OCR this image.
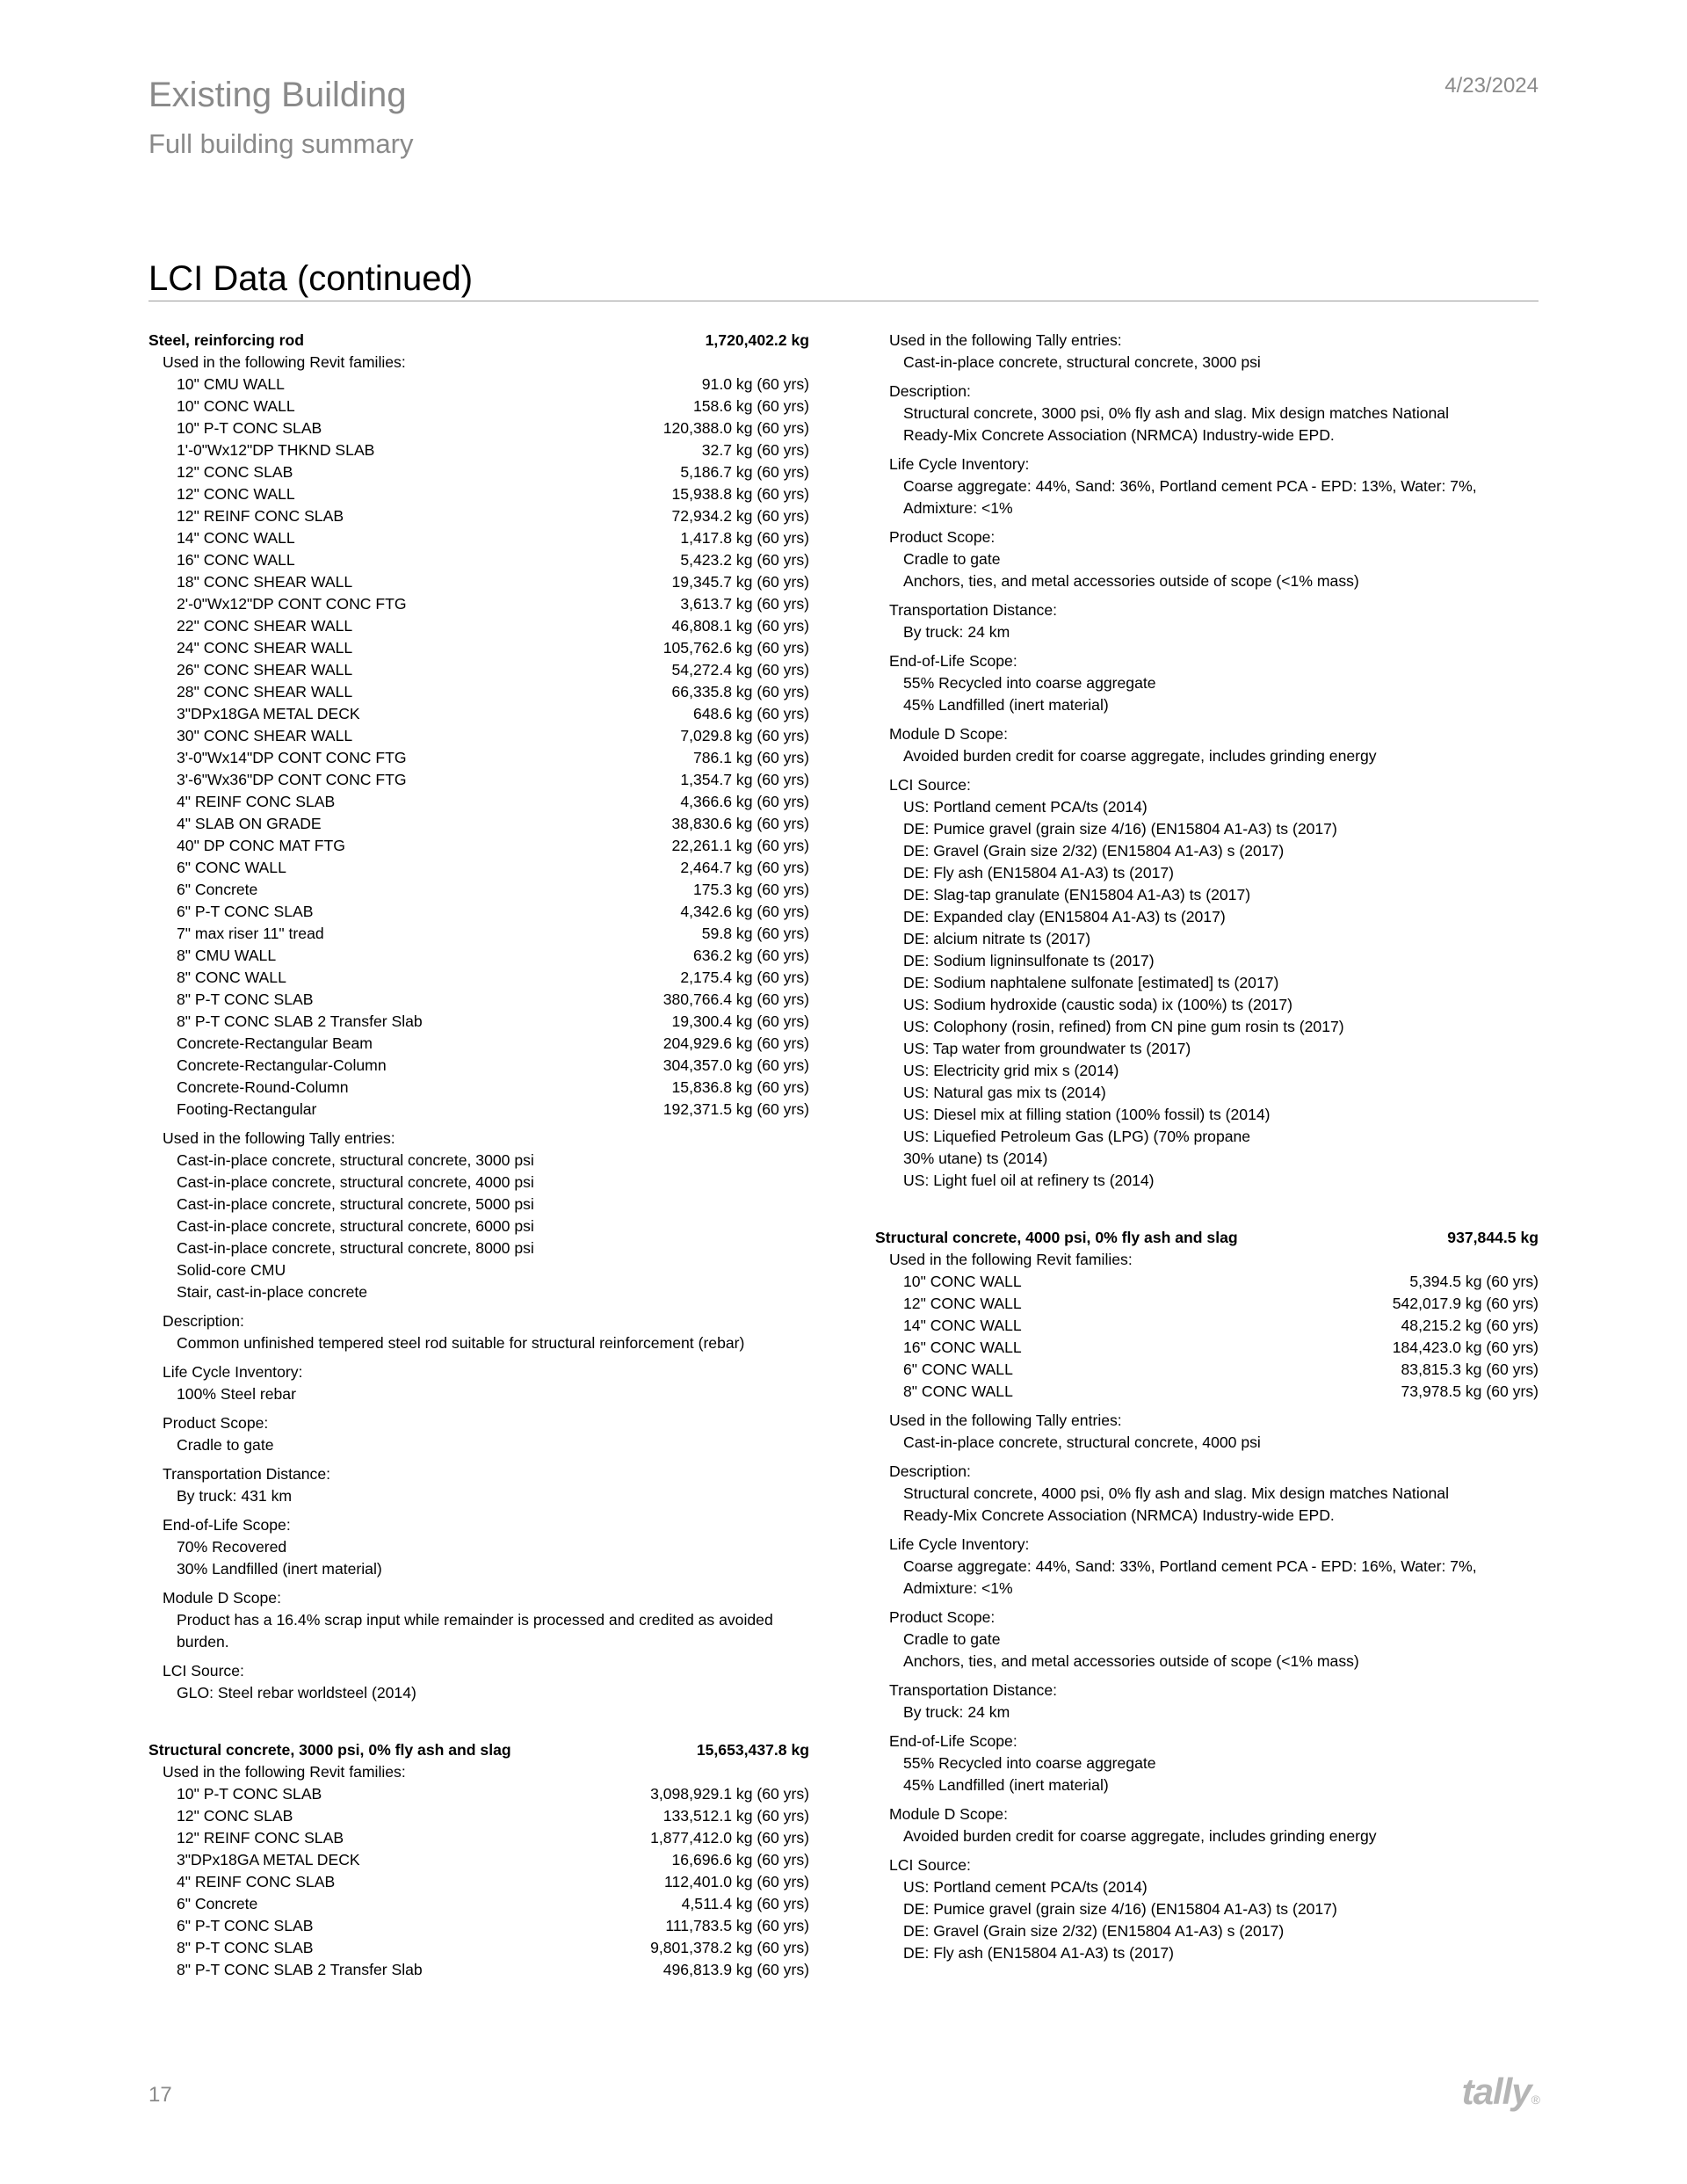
Existing Building
Full building summary
4/23/2024
LCI Data (continued)
Steel, reinforcing rod	1,720,402.2 kg
Used in the following Revit families:
10" CMU WALL	91.0 kg (60 yrs)
10" CONC WALL	158.6 kg (60 yrs)
10" P-T CONC SLAB	120,388.0 kg (60 yrs)
1'-0"Wx12"DP THKND SLAB	32.7 kg (60 yrs)
12" CONC SLAB	5,186.7 kg (60 yrs)
12" CONC WALL	15,938.8 kg (60 yrs)
12" REINF CONC SLAB	72,934.2 kg (60 yrs)
14" CONC WALL	1,417.8 kg (60 yrs)
16" CONC WALL	5,423.2 kg (60 yrs)
18" CONC SHEAR WALL	19,345.7 kg (60 yrs)
2'-0"Wx12"DP CONT CONC FTG	3,613.7 kg (60 yrs)
22" CONC SHEAR WALL	46,808.1 kg (60 yrs)
24" CONC SHEAR WALL	105,762.6 kg (60 yrs)
26" CONC SHEAR WALL	54,272.4 kg (60 yrs)
28" CONC SHEAR WALL	66,335.8 kg (60 yrs)
3"DPx18GA METAL DECK	648.6 kg (60 yrs)
30" CONC SHEAR WALL	7,029.8 kg (60 yrs)
3'-0"Wx14"DP CONT CONC FTG	786.1 kg (60 yrs)
3'-6"Wx36"DP CONT CONC FTG	1,354.7 kg (60 yrs)
4" REINF CONC SLAB	4,366.6 kg (60 yrs)
4" SLAB ON GRADE	38,830.6 kg (60 yrs)
40" DP CONC MAT FTG	22,261.1 kg (60 yrs)
6" CONC WALL	2,464.7 kg (60 yrs)
6" Concrete	175.3 kg (60 yrs)
6" P-T CONC SLAB	4,342.6 kg (60 yrs)
7" max riser 11" tread	59.8 kg (60 yrs)
8" CMU WALL	636.2 kg (60 yrs)
8" CONC WALL	2,175.4 kg (60 yrs)
8" P-T CONC SLAB	380,766.4 kg (60 yrs)
8" P-T CONC SLAB 2 Transfer Slab	19,300.4 kg (60 yrs)
Concrete-Rectangular Beam	204,929.6 kg (60 yrs)
Concrete-Rectangular-Column	304,357.0 kg (60 yrs)
Concrete-Round-Column	15,836.8 kg (60 yrs)
Footing-Rectangular	192,371.5 kg (60 yrs)
Used in the following Tally entries:
Cast-in-place concrete, structural concrete, 3000 psi
Cast-in-place concrete, structural concrete, 4000 psi
Cast-in-place concrete, structural concrete, 5000 psi
Cast-in-place concrete, structural concrete, 6000 psi
Cast-in-place concrete, structural concrete, 8000 psi
Solid-core CMU
Stair, cast-in-place concrete
Description:
Common unfinished tempered steel rod suitable for structural reinforcement (rebar)
Life Cycle Inventory:
100% Steel rebar
Product Scope:
Cradle to gate
Transportation Distance:
By truck: 431 km
End-of-Life Scope:
70% Recovered
30% Landfilled (inert material)
Module D Scope:
Product has a 16.4% scrap input while remainder is processed and credited as avoided
burden.
LCI Source:
GLO: Steel rebar worldsteel (2014)
Structural concrete, 3000 psi, 0% fly ash and slag	15,653,437.8 kg
Used in the following Revit families:
10" P-T CONC SLAB	3,098,929.1 kg (60 yrs)
12" CONC SLAB	133,512.1 kg (60 yrs)
12" REINF CONC SLAB	1,877,412.0 kg (60 yrs)
3"DPx18GA METAL DECK	16,696.6 kg (60 yrs)
4" REINF CONC SLAB	112,401.0 kg (60 yrs)
6" Concrete	4,511.4 kg (60 yrs)
6" P-T CONC SLAB	111,783.5 kg (60 yrs)
8" P-T CONC SLAB	9,801,378.2 kg (60 yrs)
8" P-T CONC SLAB 2 Transfer Slab	496,813.9 kg (60 yrs)
Used in the following Tally entries:
Cast-in-place concrete, structural concrete, 3000 psi
Description:
Structural concrete, 3000 psi, 0% fly ash and slag. Mix design matches National
Ready-Mix Concrete Association (NRMCA) Industry-wide EPD.
Life Cycle Inventory:
Coarse aggregate: 44%, Sand: 36%, Portland cement PCA - EPD: 13%, Water: 7%,
Admixture: <1%
Product Scope:
Cradle to gate
Anchors, ties, and metal accessories outside of scope (<1% mass)
Transportation Distance:
By truck: 24 km
End-of-Life Scope:
55% Recycled into coarse aggregate
45% Landfilled (inert material)
Module D Scope:
Avoided burden credit for coarse aggregate, includes grinding energy
LCI Source:
US: Portland cement PCA/ts (2014)
DE: Pumice gravel (grain size 4/16) (EN15804 A1-A3) ts (2017)
DE: Gravel (Grain size 2/32) (EN15804 A1-A3) s (2017)
DE: Fly ash (EN15804 A1-A3) ts (2017)
DE: Slag-tap granulate (EN15804 A1-A3) ts (2017)
DE: Expanded clay (EN15804 A1-A3) ts (2017)
DE: alcium nitrate ts (2017)
DE: Sodium ligninsulfonate ts (2017)
DE: Sodium naphtalene sulfonate [estimated] ts (2017)
US: Sodium hydroxide (caustic soda) ix (100%) ts (2017)
US: Colophony (rosin, refined) from CN pine gum rosin ts (2017)
US: Tap water from groundwater ts (2017)
US: Electricity grid mix s (2014)
US: Natural gas mix ts (2014)
US: Diesel mix at filling station (100% fossil) ts (2014)
US: Liquefied Petroleum Gas (LPG) (70% propane
30% utane) ts (2014)
US: Light fuel oil at refinery ts (2014)
Structural concrete, 4000 psi, 0% fly ash and slag	937,844.5 kg
Used in the following Revit families:
10" CONC WALL	5,394.5 kg (60 yrs)
12" CONC WALL	542,017.9 kg (60 yrs)
14" CONC WALL	48,215.2 kg (60 yrs)
16" CONC WALL	184,423.0 kg (60 yrs)
6" CONC WALL	83,815.3 kg (60 yrs)
8" CONC WALL	73,978.5 kg (60 yrs)
Used in the following Tally entries:
Cast-in-place concrete, structural concrete, 4000 psi
Description:
Structural concrete, 4000 psi, 0% fly ash and slag. Mix design matches National
Ready-Mix Concrete Association (NRMCA) Industry-wide EPD.
Life Cycle Inventory:
Coarse aggregate: 44%, Sand: 33%, Portland cement PCA - EPD: 16%, Water: 7%,
Admixture: <1%
Product Scope:
Cradle to gate
Anchors, ties, and metal accessories outside of scope (<1% mass)
Transportation Distance:
By truck: 24 km
End-of-Life Scope:
55% Recycled into coarse aggregate
45% Landfilled (inert material)
Module D Scope:
Avoided burden credit for coarse aggregate, includes grinding energy
LCI Source:
US: Portland cement PCA/ts (2014)
DE: Pumice gravel (grain size 4/16) (EN15804 A1-A3) ts (2017)
DE: Gravel (Grain size 2/32) (EN15804 A1-A3) s (2017)
DE: Fly ash (EN15804 A1-A3) ts (2017)
17	tally®
